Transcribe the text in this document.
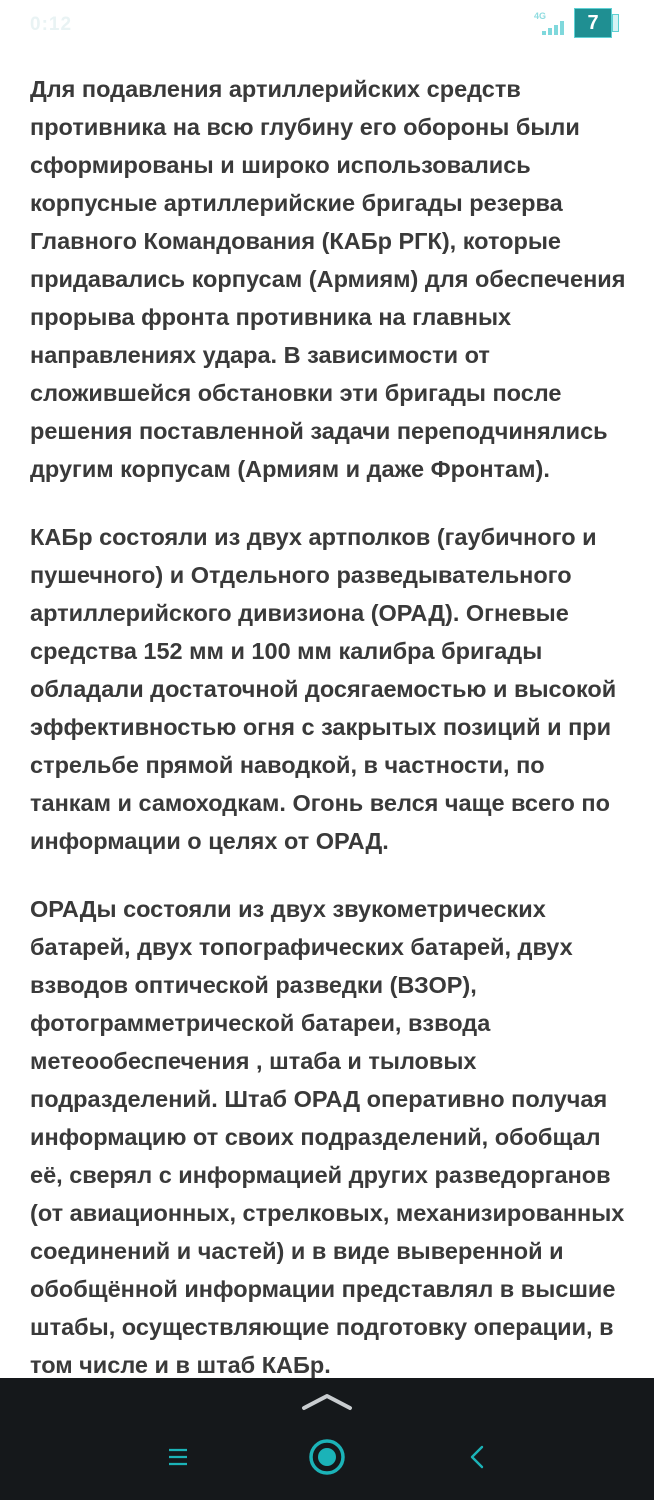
0:12	4G	7

Для подавления артиллерийских средств противника на всю глубину его обороны были сформированы и широко использовались корпусные артиллерийские бригады резерва Главного Командования (КАБр РГК), которые придавались корпусам (Армиям) для обеспечения прорыва фронта противника на главных направлениях удара. В зависимости от сложившейся обстановки эти бригады после решения поставленной задачи переподчинялись другим корпусам (Армиям и даже Фронтам).

КАБр состояли из двух артполков (гаубичного и пушечного) и Отдельного разведывательного артиллерийского дивизиона (ОРАД). Огневые средства 152 мм и 100 мм калибра бригады обладали достаточной досягаемостью и высокой эффективностью огня с закрытых позиций и при стрельбе прямой наводкой, в частности, по танкам и самоходкам. Огонь велся чаще всего по информации о целях от ОРАД.

ОРАДы состояли из двух звукометрических батарей, двух топографических батарей, двух взводов оптической разведки (ВЗОР), фотограмметрической батареи, взвода метеообеспечения , штаба и тыловых подразделений. Штаб ОРАД оперативно получая информацию от своих подразделений, обобщал её, сверял с информацией других разведорганов (от авиационных, стрелковых, механизированных соединений и частей) и в виде выверенной и обобщённой информации представлял в высшие штабы, осуществляющие подготовку операции, в том числе и в штаб КАБр.
